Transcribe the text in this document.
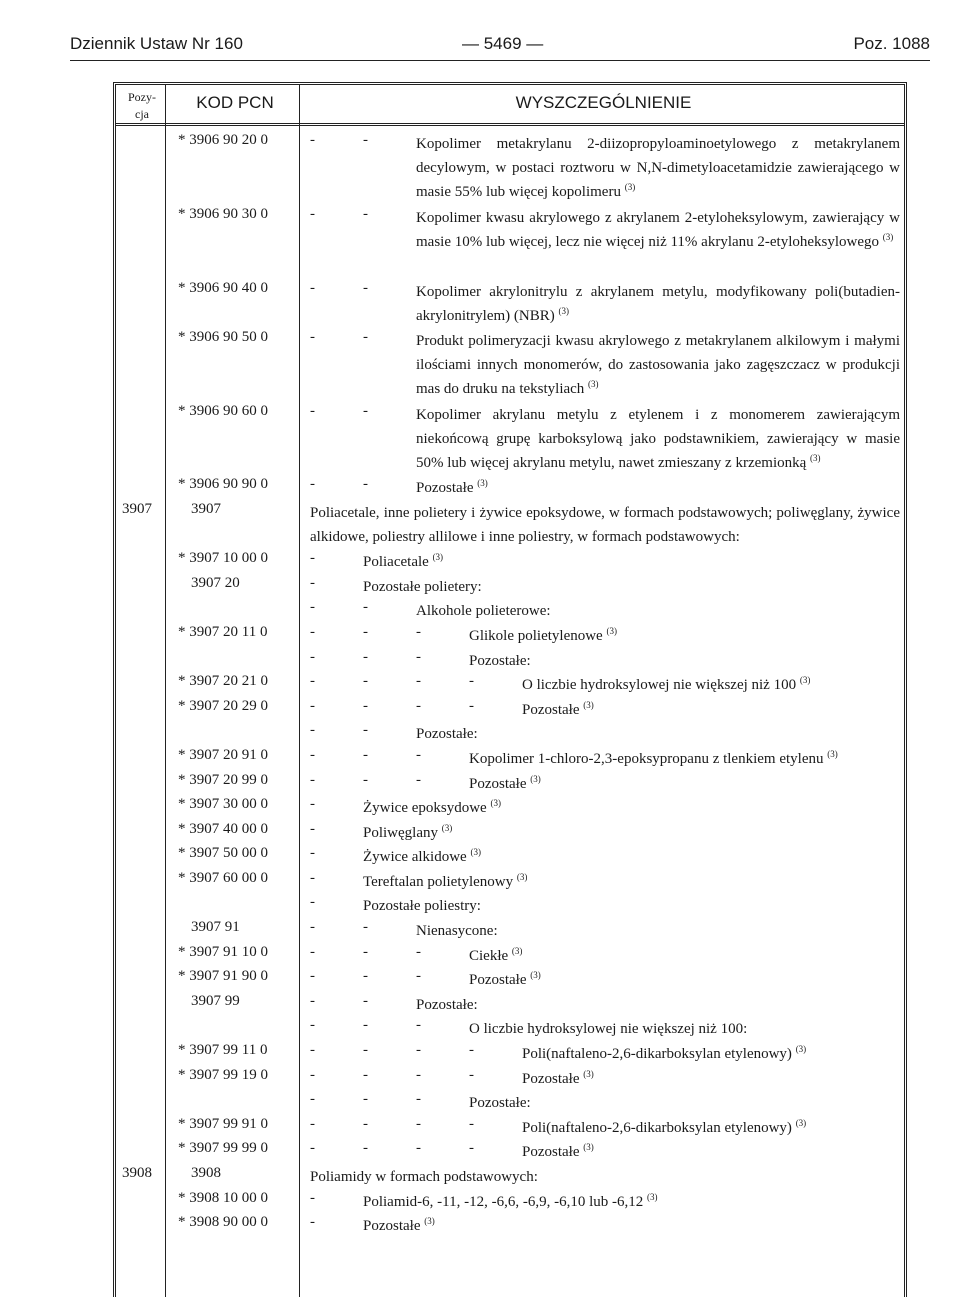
Dziennik Ustaw Nr 160	— 5469 —	Poz. 1088
Pozy-
cja
KOD PCN	WYSZCZEGÓLNIENIE
* 3906 90 20 0	-	-	Kopolimer metakrylanu 2-diizopropyloaminoetylowego z metakrylanem decylowym, w postaci roztworu w N,N-dimetyloacetamidzie zawierającego w masie 55% lub więcej kopolimeru $^{(3)}$
* 3906 90 30 0	-	-	Kopolimer kwasu akrylowego z akrylanem 2-etyloheksylowym, zawierający w masie 10% lub więcej, lecz nie więcej niż 11% akrylanu 2-etyloheksylowego $^{(3)}$
* 3906 90 40 0	-	-	Kopolimer akrylonitrylu z akrylanem metylu, modyfikowany poli(butadien-akrylonitrylem) (NBR) $^{(3)}$
* 3906 90 50 0	-	-	Produkt polimeryzacji kwasu akrylowego z metakrylanem alkilowym i małymi ilościami innych monomerów, do zastosowania jako zagęszczacz w produkcji mas do druku na tekstyliach $^{(3)}$
* 3906 90 60 0	-	-	Kopolimer akrylanu metylu z etylenem i z monomerem zawierającym niekońcową grupę karboksylową jako podstawnikiem, zawierający w masie 50% lub więcej akrylanu metylu, nawet zmieszany z krzemionką $^{(3)}$
* 3906 90 90 0	-	-	Pozostałe $^{(3)}$
3907	3907	Poliacetale, inne polietery i żywice epoksydowe, w formach podstawowych; poliwęglany, żywice alkidowe, poliestry allilowe i inne poliestry, w formach podstawowych:
* 3907 10 00 0	-	Poliacetale $^{(3)}$
3907 20	-	Pozostałe polietery:
-	-	Alkohole polieterowe:
* 3907 20 11 0	-	-	-	Glikole polietylenowe $^{(3)}$
-	-	-	Pozostałe:
* 3907 20 21 0	-	-	-	-	O liczbie hydroksylowej nie większej niż 100 $^{(3)}$
* 3907 20 29 0	-	-	-	-	Pozostałe $^{(3)}$
-	-	Pozostałe:
* 3907 20 91 0	-	-	-	Kopolimer 1-chloro-2,3-epoksypropanu z tlenkiem etylenu $^{(3)}$
* 3907 20 99 0	-	-	-	Pozostałe $^{(3)}$
* 3907 30 00 0	-	Żywice epoksydowe $^{(3)}$
* 3907 40 00 0	-	Poliwęglany $^{(3)}$
* 3907 50 00 0	-	Żywice alkidowe $^{(3)}$
* 3907 60 00 0	-	Tereftalan polietylenowy $^{(3)}$
-	Pozostałe poliestry:
3907 91	-	-	Nienasycone:
* 3907 91 10 0	-	-	-	Ciekłe $^{(3)}$
* 3907 91 90 0	-	-	-	Pozostałe $^{(3)}$
3907 99	-	-	Pozostałe:
-	-	-	O liczbie hydroksylowej nie większej niż 100:
* 3907 99 11 0	-	-	-	-	Poli(naftaleno-2,6-dikarboksylan etylenowy) $^{(3)}$
* 3907 99 19 0	-	-	-	-	Pozostałe $^{(3)}$
-	-	-	Pozostałe:
* 3907 99 91 0	-	-	-	-	Poli(naftaleno-2,6-dikarboksylan etylenowy) $^{(3)}$
* 3907 99 99 0	-	-	-	-	Pozostałe $^{(3)}$
3908	3908	Poliamidy w formach podstawowych:
* 3908 10 00 0	-	Poliamid-6, -11, -12, -6,6, -6,9, -6,10 lub -6,12 $^{(3)}$
* 3908 90 00 0	-	Pozostałe $^{(3)}$
